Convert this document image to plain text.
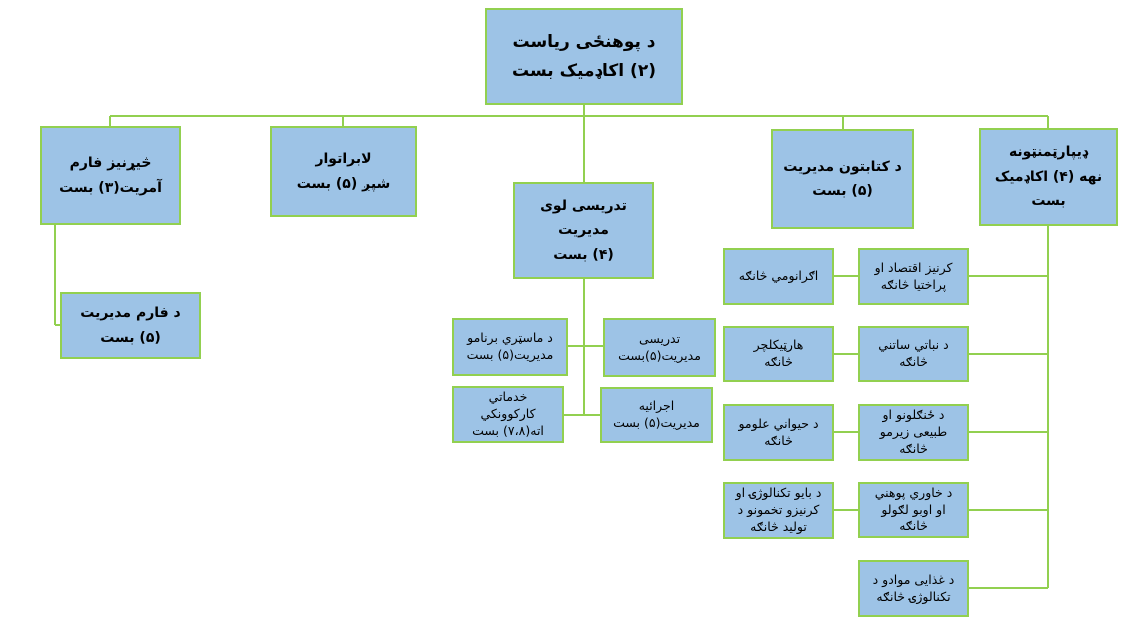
د پوهنځی ریاست
(۲) اکاډمیک بست
ډیپارټمنټونه
نهه (۴) اکاډمیک بست
د کتابتون مدیریت
(۵) بست
تدریسی لوی مدیریت
(۴) بست
لابراتوار
شپږ (۵) بست
څیړنیز فارم
آمریت(۳) بست
د فارم مدیریت
(۵) بست	تدریسی
مدیریت(۵)بست
د ماسټري برنامو
مدیریت(۵) بست
اجرائیه
مدیریت(۵) بست
خدماتي
کارکوونکي
اته(۷،۸) بست
کرنیز اقتصاد او
پراختیا څانګه
اګرانومي څانګه
د نباتي ساتني
څانګه
هارټیکلچر
څانګه
د ځنګلونو او
طبیعی زیرمو
څانګه
د حیواني علومو
څانګه
د خاوري پوهني
او اوبو لګولو
څانګه
د بایو تکنالوژۍ او
کرنیزو تخمونو د
تولید څانګه
د غذایی موادو د
تکنالوژۍ څانګه
